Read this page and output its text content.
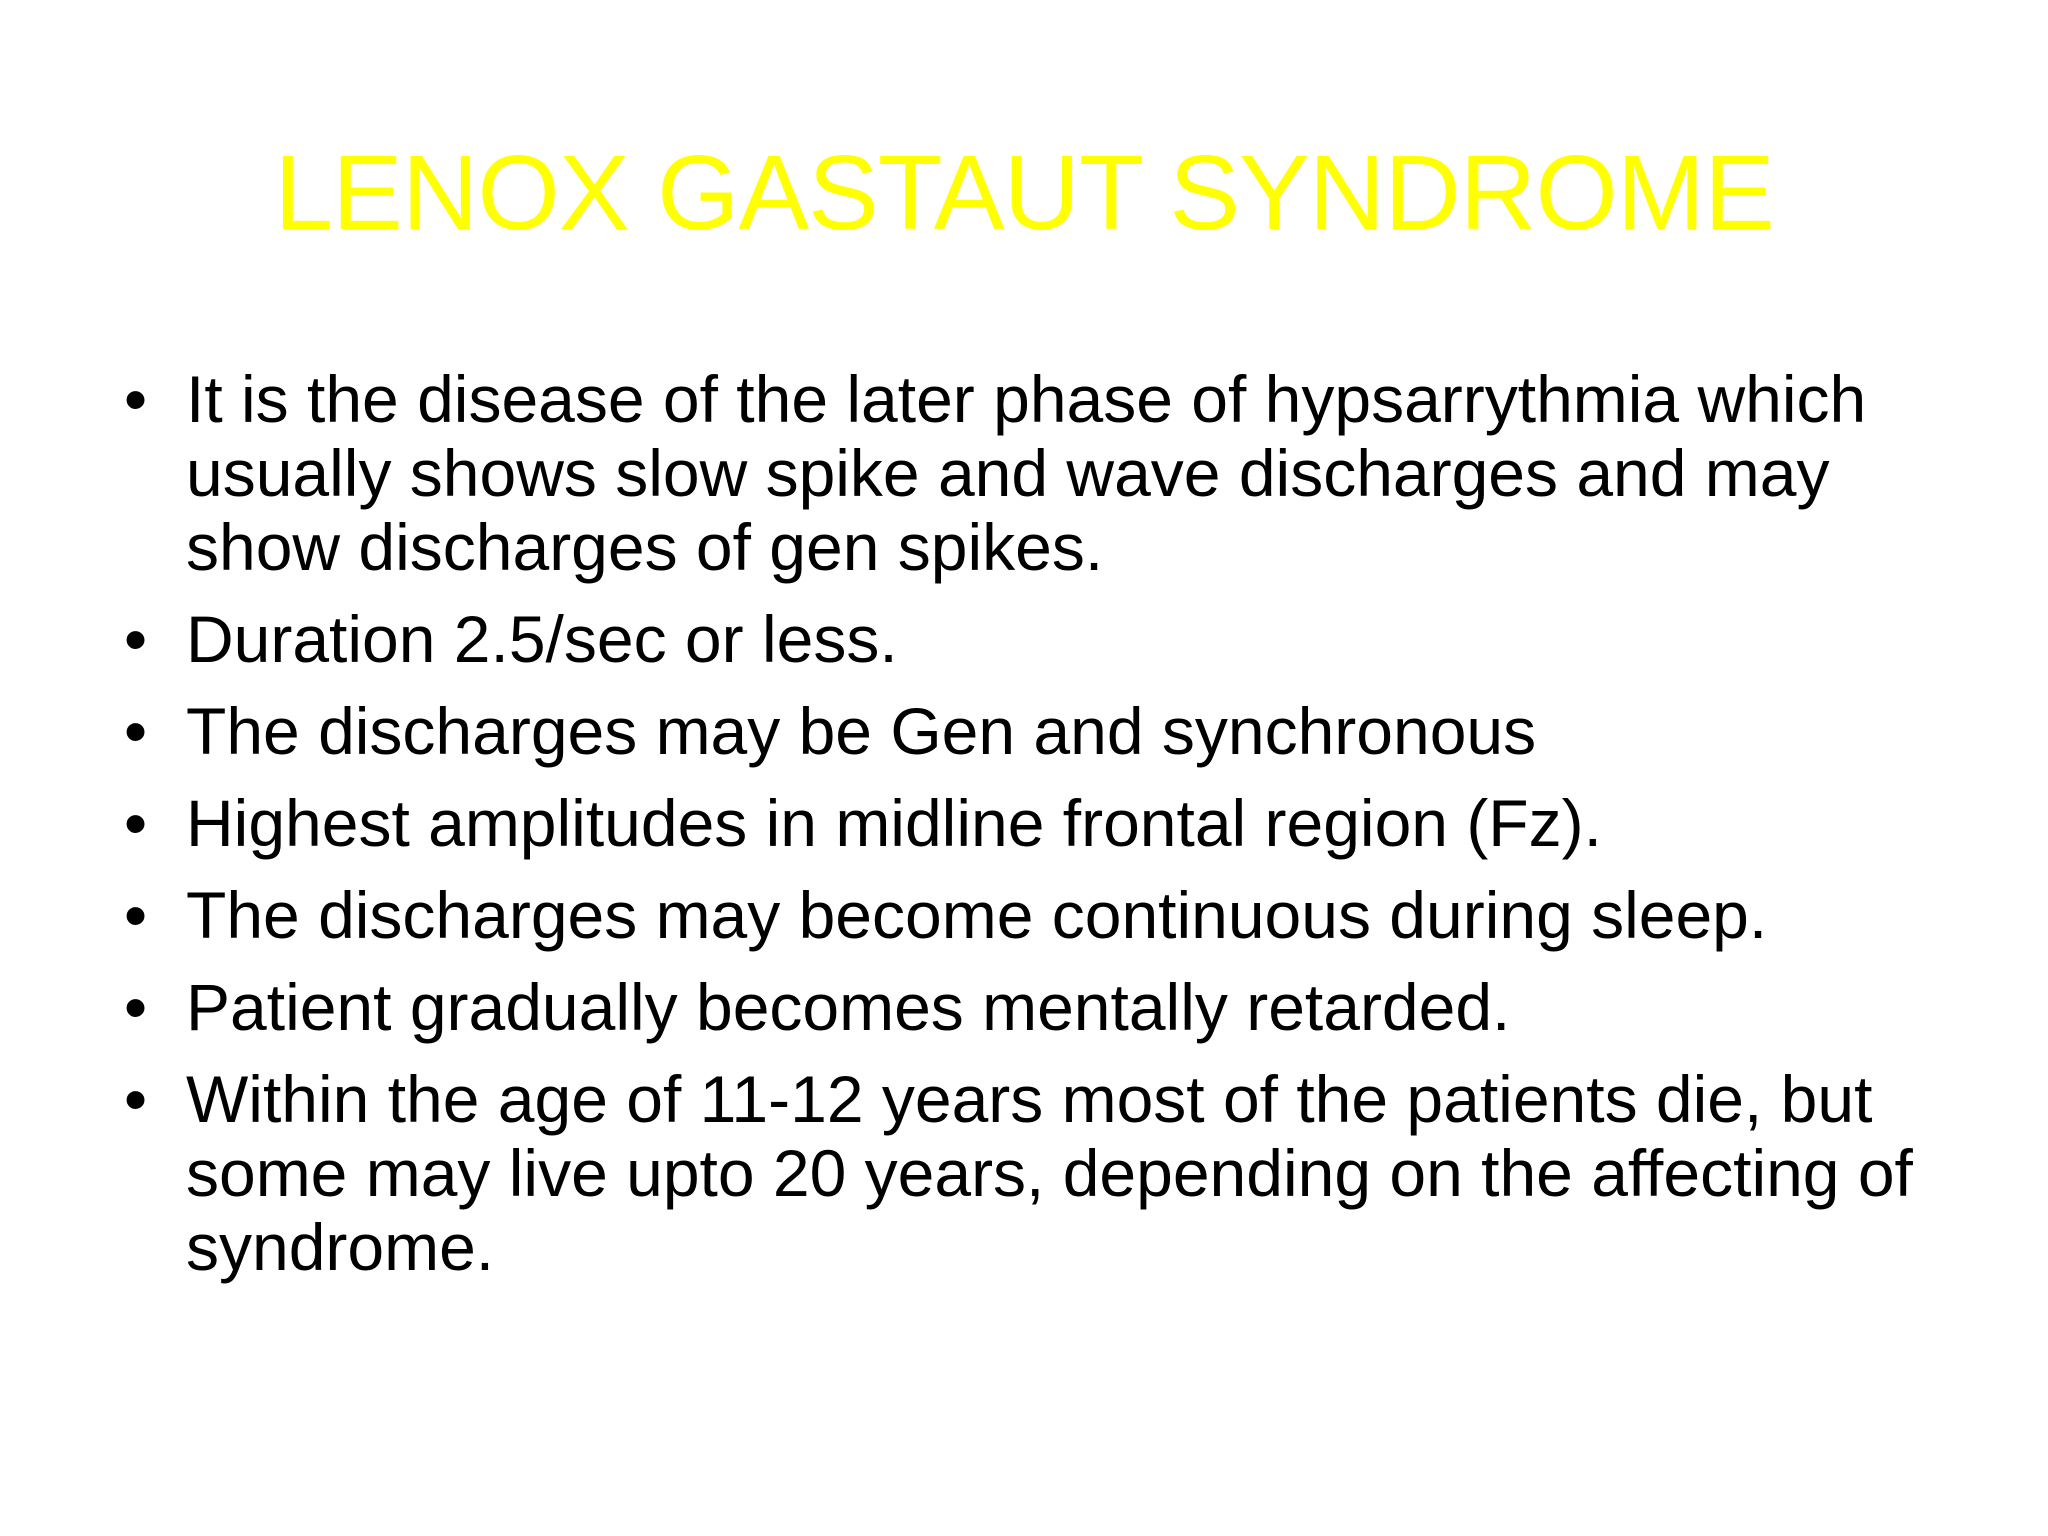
LENOX GASTAUT SYNDROME
• It is the disease of the later phase of hypsarrythmia which usually shows slow spike and wave discharges and may show discharges of gen spikes.
• Duration 2.5/sec or less.
• The discharges may be Gen and synchronous
• Highest amplitudes in midline frontal region (Fz).
• The discharges may become continuous during sleep.
• Patient gradually becomes mentally retarded.
• Within the age of 11-12 years most of the patients die, but some may live upto 20 years, depending on the affecting of syndrome.
